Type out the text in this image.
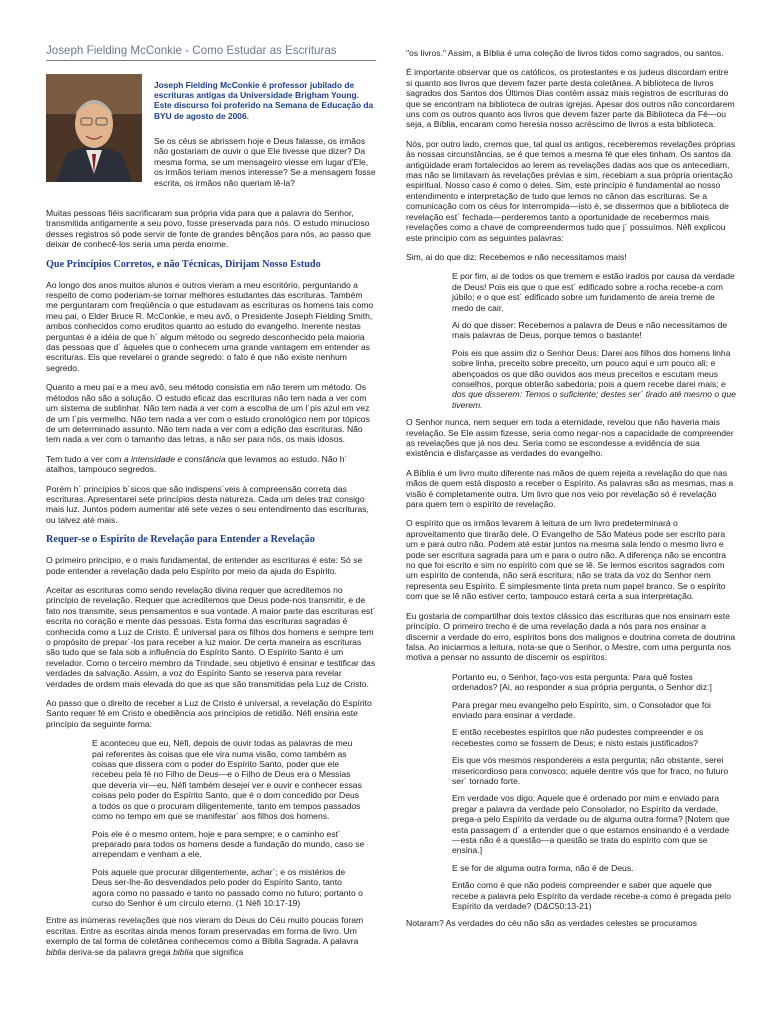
Joseph Fielding McConkie - Como Estudar as Escrituras
Joseph Fielding McConkie é professor jubilado de escrituras antigas da Universidade Brigham Young. Este discurso foi proferido na Semana de Educação da BYU de agosto de 2006.

Se os céus se abrissem hoje e Deus falasse, os irmãos não gostariam de ouvir o que Ele tivesse que dizer? Da mesma forma, se um mensageiro viesse em lugar d'Ele, os irmãos teriam menos interesse? Se a mensagem fosse escrita, os irmãos não queriam lê-la?

Muitas pessoas fiéis sacrificaram sua própria vida para que a palavra do Senhor, transmitida antigamente a seu povo, fosse preservada para nós. O estudo minucioso desses registros só pode servir de fonte de grandes bênçãos para nós, ao passo que deixar de conhecê-los seria uma perda enorme.

Que Princípios Corretos, e não Técnicas, Dirijam Nosso Estudo

Ao longo dos anos muitos alunos e outros vieram a meu escritório, perguntando a respeito de como poderiam-se tornar melhores estudantes das escrituras. Também me perguntaram com freqüência o que estudavam as escrituras os homens tais como meu pai, o Elder Bruce R. McConkie, e meu avô, o Presidente Joseph Fielding Smith, ambos conhecidos como eruditos quanto ao estudo do evangelho. Inerente nestas perguntas é a idéia de que h´ algum método ou segredo desconhecido pela maioria das pessoas que d´ àqueles que o conhecem uma grande vantagem em entender as escrituras. Eis que revelarei o grande segredo: o fato é que não existe nenhum segredo.

Quanto a meu pai e a meu avô, seu método consistia em não terem um método. Os métodos não são a solução. O estudo eficaz das escrituras não tem nada a ver com um sistema de sublinhar. Não tem nada a ver com a escolha de um l´pis azul em vez de um l´pis vermelho. Não tem nada a ver com o estudo cronológico nem por tópicos de um determinado assunto. Não tem nada a ver com a edição das escrituras. Não tem nada a ver com o tamanho das letras, a não ser para nós, os mais idosos.

Tem tudo a ver com a intensidade e constância que levamos ao estudo. Não h´ atalhos, tampouco segredos.

Porém h´ princípios b´sicos que são indispens´veis à compreensão correta das escrituras. Apresentarei sete princípios desta natureza. Cada um deles traz consigo mais luz. Juntos podem aumentar até sete vezes o seu entendimento das escrituras, ou talvez até mais.

Requer-se o Espírito de Revelação para Entender a Revelação

O primeiro princípio, e o mais fundamental, de entender as escrituras é este: Só se pode entender a revelação dada pelo Espírito por meio da ajuda do Espírito.

Aceitar as escrituras como sendo revelação divina requer que acreditemos no princípio de revelação. Requer que acreditemos que Deus pode-nos transmitir, e de fato nos transmite, seus pensamentos e sua vontade. A maior parte das escrituras est´ escrita no coração e mente das pessoas. Esta forma das escrituras sagradas é conhecida como a Luz de Cristo. É universal para os filhos dos homens e sempre tem o propósito de prepar´-los para receber a luz maior. De certa maneira as escrituras são tudo que se fala sob a influência do Espírito Santo. O Espírito Santo é um revelador. Como o terceiro membro da Trindade, seu objetivo é ensinar e testificar das verdades da salvação. Assim, a voz do Espírito Santo se reserva para revelar verdades de ordem mais elevada do que as que são transmitidas pela Luz de Cristo.

Ao passo que o direito de receber a Luz de Cristo é universal, a revelação do Espírito Santo requer fé em Cristo e obediência aos princípios de retidão. Néfi ensina este princípio da seguinte forma:

E aconteceu que eu, Néfi, depois de ouvir todas as palavras de meu pai referentes às coisas que ele vira numa visão, como também as coisas que dissera com o poder do Espírito Santo, poder que ele recebeu pela fé no Filho de Deus—e o Filho de Deus era o Messias que deveria vir—eu, Néfi também desejei ver e ouvir e conhecer essas coisas pelo poder do Espírito Santo, que é o dom concedido por Deus a todos os que o procuram diligentemente, tanto em tempos passados como no tempo em que se manifestar´ aos filhos dos homens.

Pois ele é o mesmo ontem, hoje e para sempre; e o caminho est´ preparado para todos os homens desde a fundação do mundo, caso se arrependam e venham a ele.

Pois aquele que procurar diligentemente, achar´; e os mistérios de Deus ser-lhe-ão desvendados pelo poder do Espírito Santo, tanto agora como no passado e tanto no passado como no futuro; portanto o curso do Senhor é um círculo eterno. (1 Néfi 10:17-19)

Entre as inúmeras revelações que nos vieram do Deus do Céu muito poucas foram escritas. Entre as escritas ainda menos foram preservadas em forma de livro. Um exemplo de tal forma de coletânea conhecemos como a Bíblia Sagrada. A palavra biblia deriva-se da palavra grega biblia que significa

"os livros." Assim, a Bíblia é uma coleção de livros tidos como sagrados, ou santos.

É importante observar que os católicos, os protestantes e os judeus discordam entre si quanto aos livros que devem fazer parte desta coletânea. A biblioteca de livros sagrados dos Santos dos Últimos Dias contém assaz mais registros de escrituras do que se encontram na biblioteca de outras igrejas. Apesar dos outros não concordarem uns com os outros quanto aos livros que devem fazer parte da Biblioteca da Fé—ou seja, a Bíblia, encaram como heresia nosso acréscimo de livros a esta biblioteca.

Nós, por outro lado, cremos que, tal qual os antigos, receberemos revelações próprias às nossas circunstâncias, se é que temos a mesma fé que eles tinham. Os santos da antigüidade eram fortalecidos ao lerem as revelações dadas aos que os antecediam, mas não se limitavam às revelações prévias e sim, recebiam a sua própria orientação espiritual. Nosso caso é como o deles. Sim, este princípio é fundamental ao nosso entendimento e interpretação de tudo que lemos no cânon das escrituras. Se a comunicação com os céus for interrompida—isto é, se dissermos que a biblioteca de revelação est´ fechada—perderemos tanto a oportunidade de recebermos mais revelações como a chave de compreendermos tudo que j´ possuímos. Néfi explicou este princípio com as seguintes palavras:

Sim, ai do que diz: Recebemos e não necessitamos mais!

E por fim, ai de todos os que tremem e estão irados por causa da verdade de Deus! Pois eis que o que est´ edificado sobre a rocha recebe-a com júbilo; e o que est´ edificado sobre um fundamento de areia treme de medo de cair.

Ai do que disser: Recebemos a palavra de Deus e não necessitamos de mais palavras de Deus, porque temos o bastante!

Pois eis que assim diz o Senhor Deus: Darei aos filhos dos homens linha sobre linha, preceito sobre preceito, um pouco aqui e um pouco ali; e abençoados os que dão ouvidos aos meus preceitos e escutam meus conselhos, porque obterão sabedoria; pois a quem recebe darei mais; e dos que disserem: Temos o suficiente; destes ser´ tirado até mesmo o que tiverem.

O Senhor nunca, nem sequer em toda a eternidade, revelou que não haveria mais revelação. Se Ele assim fizesse, seria como negar-nos a capacidade de compreender as revelações que já nos deu. Seria como se escondesse a evidência de sua existência e disfarçasse as verdades do evangelho.

A Bíblia é um livro muito diferente nas mãos de quem rejeita a revelação do que nas mãos de quem está disposto a receber o Espírito. As palavras são as mesmas, mas a visão é completamente outra. Um livro que nos veio por revelação só é revelação para quem tem o espírito de revelação.

O espírito que os irmãos levarem à leitura de um livro predeterminará o aproveitamento que tirarão dele. O Evangelho de São Mateus pode ser escrito para um e para outro não. Podem até estar juntos na mesma sala lendo o mesmo livro e pode ser escritura sagrada para um e para o outro não. A diferença não se encontra no que foi escrito e sim no espírito com que se lê. Se lermos escritos sagrados com um espírito de contenda, não será escritura; não se trata da voz do Senhor nem representa seu Espírito. É simplesmente tinta preta num papel branco. Se o espírito com que se lê não estiver certo, tampouco estará certa a sua interpretação.

Eu gostaria de compartilhar dois textos clássico das escrituras que nos ensinam este princípio. O primeiro trecho é de uma revelação dada a nós para nos ensinar a discernir a verdade do erro, espíritos bons dos malignos e doutrina correta de doutrina falsa. Ao iniciarmos a leitura, nota-se que o Senhor, o Mestre, com uma pergunta nos motiva a pensar no assunto de discernir os espíritos:

Portanto eu, o Senhor, faço-vos esta pergunta: Para quê fostes ordenados? [Ai, ao responder a sua própria pergunta, o Senhor diz:]

Para pregar meu evangelho pelo Espírito, sim, o Consolador que foi enviado para ensinar a verdade.

E então recebestes espíritos que não pudestes compreender e os recebestes como se fossem de Deus; e nisto estais justificados?

Eis que vós mesmos respondereis a esta pergunta; não obstante, serei misericordioso para convosco; aquele dentre vós que for fraco, no futuro ser´ tornado forte.

Em verdade vos digo: Aquele que é ordenado por mim e enviado para pregar a palavra da verdade pelo Consolador, no Espírito da verdade, prega-a pelo Espírito da verdade ou de alguma outra forma? [Notem que esta passagem d´ a entender que o que estamos ensinando é a verdade—esta não é a questão—a questão se trata do espírito com que se ensina.]

E se for de alguma outra forma, não é de Deus.

Então como é que não podeis compreender e saber que aquele que recebe a palavra pelo Espírito da verdade recebe-a como é pregada pelo Espírito da verdade? (D&C50:13-21)

Notaram? As verdades do céu não são as verdades celestes se procuramos
